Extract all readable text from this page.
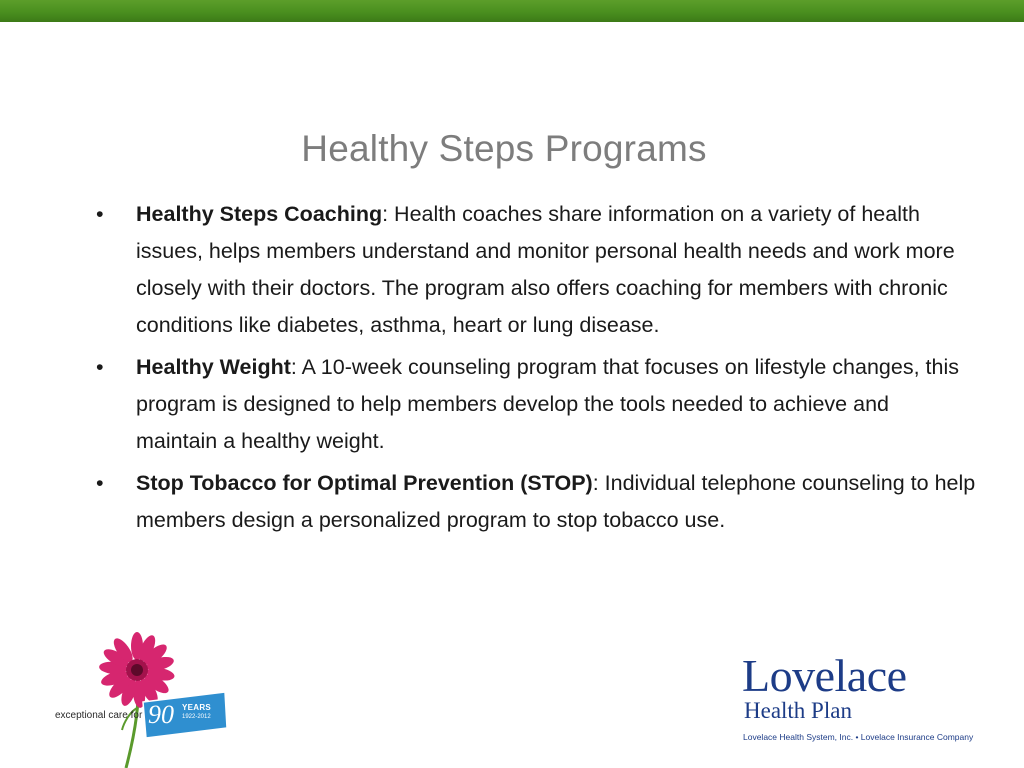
Healthy Steps Programs
•	Healthy Steps Coaching: Health coaches share information on a variety of health issues, helps members understand and monitor personal health needs and work more closely with their doctors. The program also offers coaching for members with chronic conditions like diabetes, asthma, heart or lung disease.
•	Healthy Weight: A 10-week counseling program that focuses on lifestyle changes, this program is designed to help members develop the tools needed to achieve and maintain a healthy weight.
•	Stop Tobacco for Optimal Prevention (STOP): Individual telephone counseling to help members design a personalized program to stop tobacco use.
exceptional care for 90 YEARS
1922-2012
Lovelace
Health Plan
Lovelace Health System, Inc. • Lovelace Insurance Company
